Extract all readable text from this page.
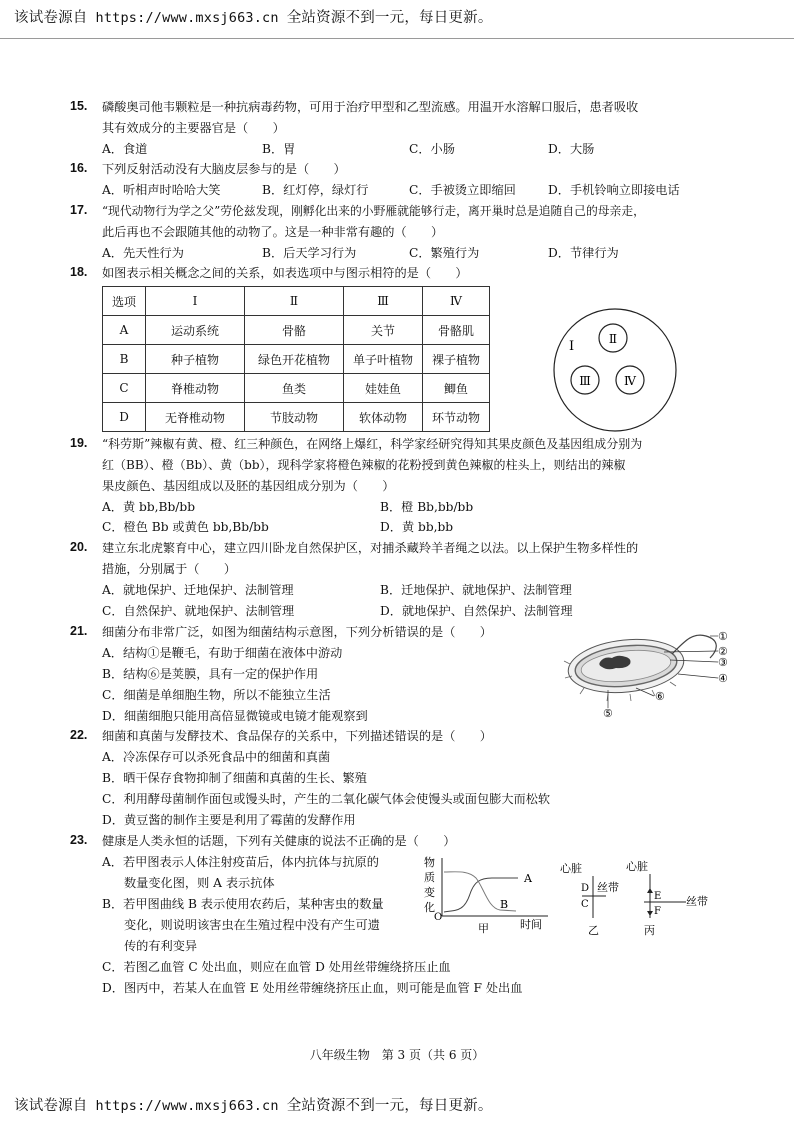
该试卷源自 https://www.mxsj663.cn 全站资源不到一元，每日更新。
15. 磷酸奥司他韦颗粒是一种抗病毒药物，可用于治疗甲型和乙型流感。用温开水溶解口服后，患者吸收
其有效成分的主要器官是（　　）
A．食道	B．胃	C．小肠	D．大肠
16. 下列反射活动没有大脑皮层参与的是（　　）
A．听相声时哈哈大笑	B．红灯停，绿灯行	C．手被烫立即缩回	D．手机铃响立即接电话
17. “现代动物行为学之父”劳伦兹发现，刚孵化出来的小野雁就能够行走，离开巢时总是追随自己的母亲走，
此后再也不会跟随其他的动物了。这是一种非常有趣的（　　）
A．先天性行为	B．后天学习行为	C．繁殖行为	D．节律行为
18. 如图表示相关概念之间的关系，如表选项中与图示相符的是（　　）
选项	Ⅰ	Ⅱ	Ⅲ	Ⅳ
A	运动系统	骨骼	关节	骨骼肌
B	种子植物	绿色开花植物	单子叶植物	裸子植物
C	脊椎动物	鱼类	娃娃鱼	鲫鱼
D	无脊椎动物	节肢动物	软体动物	环节动物
Ⅰ	Ⅱ
Ⅲ	Ⅳ
19. “科劳斯”辣椒有黄、橙、红三种颜色，在网络上爆红，科学家经研究得知其果皮颜色及基因组成分别为
红（BB）、橙（Bb）、黄（bb），现科学家将橙色辣椒的花粉授到黄色辣椒的柱头上，则结出的辣椒
果皮颜色、基因组成以及胚的基因组成分别为（　　）
A．黄 bb,Bb/bb	B．橙 Bb,bb/bb
C．橙色 Bb 或黄色 bb,Bb/bb	D．黄 bb,bb
20. 建立东北虎繁育中心，建立四川卧龙自然保护区，对捕杀藏羚羊者绳之以法。以上保护生物多样性的
措施，分别属于（　　）
A．就地保护、迁地保护、法制管理	B．迁地保护、就地保护、法制管理
C．自然保护、就地保护、法制管理	D．就地保护、自然保护、法制管理
21. 细菌分布非常广泛，如图为细菌结构示意图，下列分析错误的是（　　）
A．结构①是鞭毛，有助于细菌在液体中游动
B．结构⑥是荚膜，具有一定的保护作用
C．细菌是单细胞生物，所以不能独立生活
D．细菌细胞只能用高倍显微镜或电镜才能观察到
①
②
③
④
⑤
⑥
22. 细菌和真菌与发酵技术、食品保存的关系中，下列描述错误的是（　　）
A．冷冻保存可以杀死食品中的细菌和真菌
B．晒干保存食物抑制了细菌和真菌的生长、繁殖
C．利用酵母菌制作面包或馒头时，产生的二氧化碳气体会使馒头或面包膨大而松软
D．黄豆酱的制作主要是利用了霉菌的发酵作用
23. 健康是人类永恒的话题，下列有关健康的说法不正确的是（　　）
A．若甲图表示人体注射疫苗后，体内抗体与抗原的
数量变化图，则 A 表示抗体
B．若甲图曲线 B 表示使用农药后，某种害虫的数量
变化，则说明该害虫在生殖过程中没有产生可遗
传的有利变异
C．若图乙血管 C 处出血，则应在血管 D 处用丝带缠绕挤压止血
D．图丙中，若某人在血管 E 处用丝带缠绕挤压止血，则可能是血管 F 处出血
物
质
变
化
O
A
B
时间
甲
心脏
丝带
D
C
乙
心脏
丝带
E
F
丙
八年级生物　第 3 页（共 6 页）
该试卷源自 https://www.mxsj663.cn 全站资源不到一元，每日更新。
